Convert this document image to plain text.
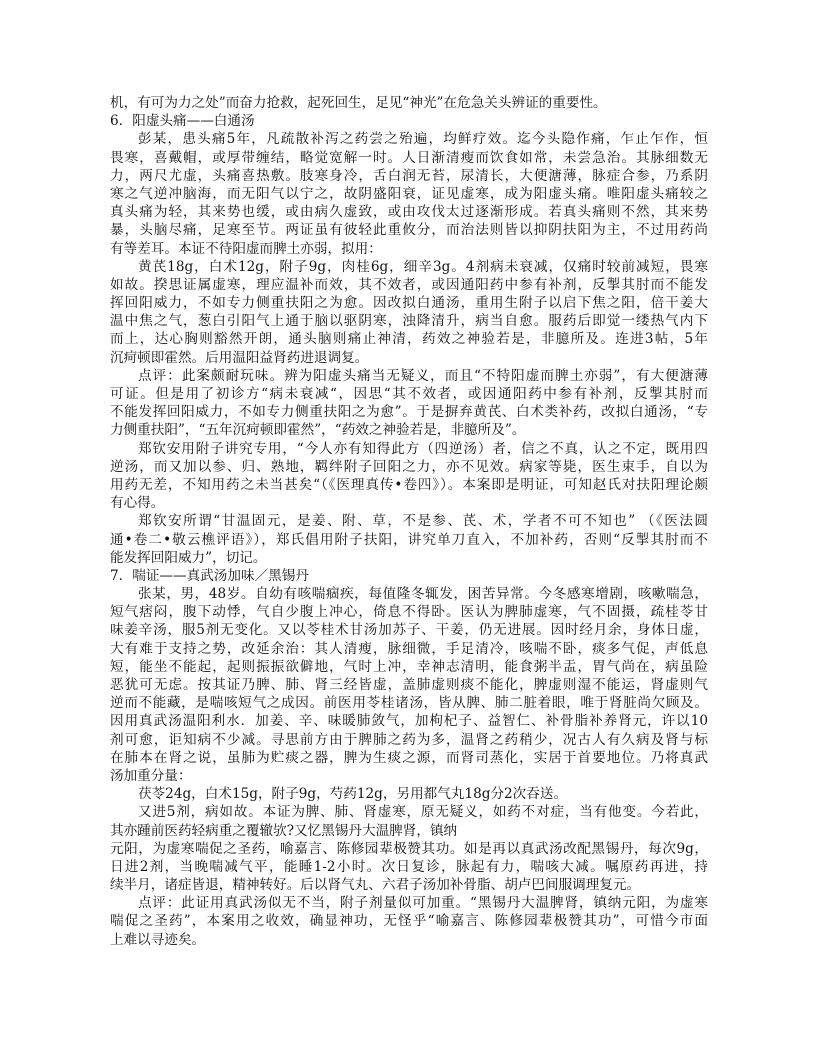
机，有可为力之处”而奋力抢救，起死回生，足见“神光”在危急关头辨证的重要性。
6．阳虚头痛——白通汤
彭某，患头痛5年，凡疏散补泻之药尝之殆遍，均鲜疗效。迄今头隐作痛，乍止乍作，恒
畏寒，喜戴帽，或厚带缠结，略觉宽解一时。人日渐清瘦而饮食如常，未尝急治。其脉细数无
力，两尺尤虚，头痛喜热敷。肢寒身冷，舌白润无苔，尿清长，大便溏薄，脉症合参，乃系阴
寒之气逆冲脑海，而无阳气以宁之，故阴盛阳衰，证见虚寒，成为阳虚头痛。唯阳虚头痛较之
真头痛为轻，其来势也缓，或由病久虚致，或由攻伐太过逐渐形成。若真头痛则不然，其来势
暴，头脑尽痛，足寒至节。两证虽有彼轻此重攸分，而治法则皆以抑阴扶阳为主，不过用药尚
有等差耳。本证不待阳虚而脾土亦弱，拟用：
黄芪18g，白术12g，附子9g，肉桂6g，细辛3g。4剂病未衰减，仅痛时较前减短，畏寒
如故。揆思证属虚寒，理应温补而效，其不效者，或因通阳药中参有补剂，反掣其肘而不能发
挥回阳威力，不如专力侧重扶阳之为愈。因改拟白通汤，重用生附子以启下焦之阳，倍干姜大
温中焦之气，葱白引阳气上通于脑以驱阴寒，浊降清升，病当自愈。服药后即觉一缕热气内下
而上，达心胸则豁然开朗，通头脑则痛止神清，药效之神验若是，非臆所及。连进3帖，5年
沉疴顿即霍然。后用温阳益肾药进退调复。
点评：此案颇耐玩味。辨为阳虚头痛当无疑义，而且“不特阳虚而脾土亦弱”，有大便溏薄
可证。但是用了初诊方“病未衰减“，因思“其不效者，或因通阳药中参有补剂，反掣其肘而
不能发挥回阳威力，不如专力侧重扶阳之为愈”。于是摒弃黄芪、白术类补药，改拟白通汤，“专
力侧重扶阳”，“五年沉疴顿即霍然”，“药效之神验若是，非臆所及”。
郑钦安用附子讲究专用，“今人亦有知得此方（四逆汤）者，信之不真，认之不定，既用四
逆汤，而又加以参、归、熟地，羁绊附子回阳之力，亦不见效。病家等毙，医生束手，自以为
用药无差，不知用药之未当甚矣“（《医理真传•卷四》）。本案即是明证，可知赵氏对扶阳理论颇
有心得。
郑钦安所谓“甘温固元，是姜、附、草，不是参、芪、术，学者不可不知也” （《医法圆
通•卷二•敬云樵评语》），郑氏倡用附子扶阳，讲究单刀直入，不加补药，否则“反掣其肘而不
能发挥回阳威力”，切记。
7．喘证——真武汤加味／黑锡丹
张某，男，48岁。自幼有咳喘痼疾，每值隆冬辄发，困苦异常。今冬感寒增剧，咳嗽喘急，
短气痞闷，腹下动悸，气自少腹上冲心，倚息不得卧。医认为脾肺虚寒，气不固摄，疏桂苓甘
味姜辛汤，服5剂无变化。又以苓桂术甘汤加苏子、干姜，仍无进展。因时经月余，身体日虚，
大有难于支持之势，改延余治：其人清瘦，脉细微，手足清冷，咳喘不卧，痰多气促，声低息
短，能坐不能起，起则振振欲僻地，气时上冲，幸神志清明，能食粥半盂，胃气尚在，病虽险
恶犹可无虑。按其证乃脾、肺、肾三经皆虚，盖肺虚则痰不能化，脾虚则湿不能运，肾虚则气
逆而不能藏，是喘咳短气之成因。前医用苓桂诸汤，皆从脾、肺二脏着眼，唯于肾脏尚欠顾及。
因用真武汤温阳利水．加姜、辛、味暖肺敛气，加枸杞子、益智仁、补骨脂补养肾元，许以10
剂可愈，讵知病不少减。寻思前方由于脾肺之药为多，温肾之药稍少，况古人有久病及肾与标
在肺本在肾之说，虽肺为贮痰之器，脾为生痰之源，而肾司蒸化，实居于首要地位。乃将真武
汤加重分量：
茯苓24g，白术15g，附子9g，芍药12g，另用都气丸18g分2次吞送。
又进5剂，病如故。本证为脾、肺、肾虚寒，原无疑义，如药不对症，当有他变。今若此，
其亦踵前医药轻病重之覆辙欤?又忆黑锡丹大温脾肾，镇纳
元阳，为虚寒喘促之圣药，喻嘉言、陈修园辈极赞其功。如是再以真武汤改配黑锡丹，每次9g，
日进2剂，当晚喘减气平，能睡1-2小时。次日复诊，脉起有力，喘咳大减。嘱原药再进，持
续半月，诸症皆退，精神转好。后以肾气丸、六君子汤加补骨脂、胡卢巴间服调理复元。
点评：此证用真武汤似无不当，附子剂量似可加重。“黑锡丹大温脾肾，镇纳元阳，为虚寒
喘促之圣药”，本案用之收效，确显神功，无怪乎“喻嘉言、陈修园辈极赞其功”，可惜今市面
上难以寻迹矣。
